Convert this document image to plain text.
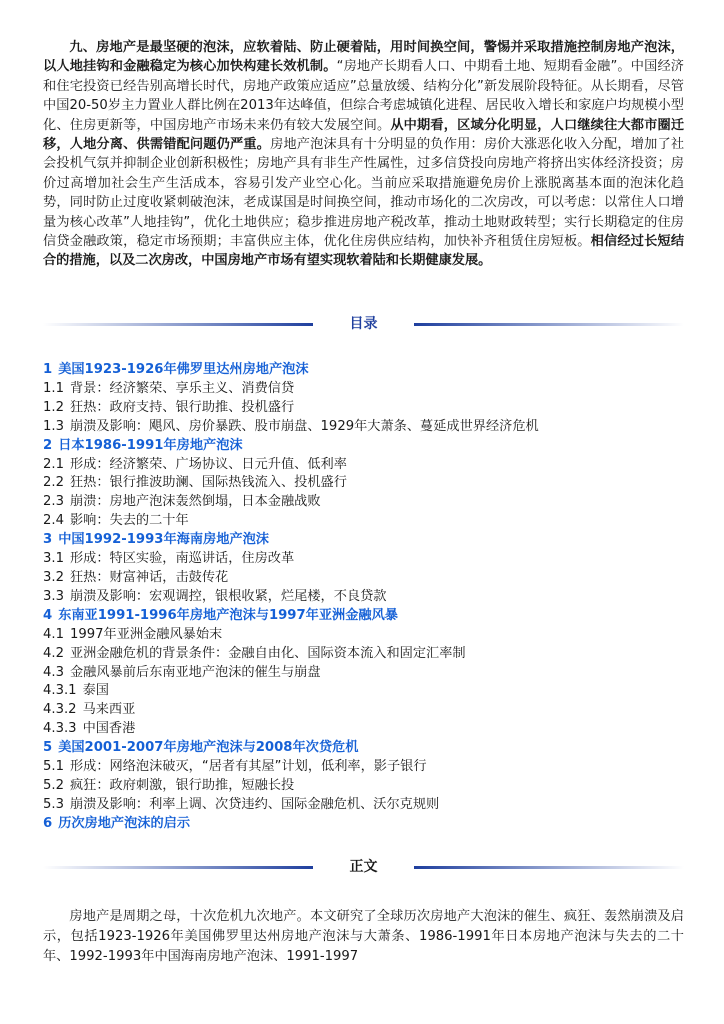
九、房地产是最坚硬的泡沫，应软着陆、防止硬着陆，用时间换空间，警惕并采取措施控制房地产泡沫，以人地挂钩和金融稳定为核心加快构建长效机制。“房地产长期看人口、中期看土地、短期看金融”。中国经济和住宅投资已经告别高增长时代，房地产政策应适应”总量放缓、结构分化”新发展阶段特征。从长期看，尽管中国20-50岁主力置业人群比例在2013年达峰值，但综合考虑城镇化进程、居民收入增长和家庭户均规模小型化、住房更新等，中国房地产市场未来仍有较大发展空间。从中期看，区域分化明显，人口继续往大都市圈迁移，人地分离、供需错配问题仍严重。房地产泡沫具有十分明显的负作用：房价大涨恶化收入分配，增加了社会投机气氛并抑制企业创新积极性；房地产具有非生产性属性，过多信贷投向房地产将挤出实体经济投资；房价过高增加社会生产生活成本，容易引发产业空心化。当前应采取措施避免房价上涨脱离基本面的泡沫化趋势，同时防止过度收紧刺破泡沫，老成谋国是时间换空间，推动市场化的二次房改，可以考虑：以常住人口增量为核心改革”人地挂钩”，优化土地供应；稳步推进房地产税改革，推动土地财政转型；实行长期稳定的住房信贷金融政策，稳定市场预期；丰富供应主体，优化住房供应结构，加快补齐租赁住房短板。相信经过长短结合的措施，以及二次房改，中国房地产市场有望实现软着陆和长期健康发展。

目录
1 美国1923-1926年佛罗里达州房地产泡沫
1.1 背景：经济繁荣、享乐主义、消费信贷
1.2 狂热：政府支持、银行助推、投机盛行
1.3 崩溃及影响：飓风、房价暴跌、股市崩盘、1929年大萧条、蔓延成世界经济危机
2 日本1986-1991年房地产泡沫
2.1 形成：经济繁荣、广场协议、日元升值、低利率
2.2 狂热：银行推波助澜、国际热钱流入、投机盛行
2.3 崩溃：房地产泡沫轰然倒塌，日本金融战败
2.4 影响：失去的二十年
3 中国1992-1993年海南房地产泡沫
3.1 形成：特区实验，南巡讲话，住房改革
3.2 狂热：财富神话，击鼓传花
3.3 崩溃及影响：宏观调控，银根收紧，烂尾楼，不良贷款
4 东南亚1991-1996年房地产泡沫与1997年亚洲金融风暴
4.1 1997年亚洲金融风暴始末
4.2 亚洲金融危机的背景条件：金融自由化、国际资本流入和固定汇率制
4.3 金融风暴前后东南亚地产泡沫的催生与崩盘
4.3.1 泰国
4.3.2 马来西亚
4.3.3 中国香港
5 美国2001-2007年房地产泡沫与2008年次贷危机
5.1 形成：网络泡沫破灭，“居者有其屋”计划，低利率，影子银行
5.2 疯狂：政府刺激，银行助推，短融长投
5.3 崩溃及影响：利率上调、次贷违约、国际金融危机、沃尔克规则
6 历次房地产泡沫的启示
正文

房地产是周期之母，十次危机九次地产。本文研究了全球历次房地产大泡沫的催生、疯狂、轰然崩溃及启示，包括1923-1926年美国佛罗里达州房地产泡沫与大萧条、1986-1991年日本房地产泡沫与失去的二十年、1992-1993年中国海南房地产泡沫、1991-1997
